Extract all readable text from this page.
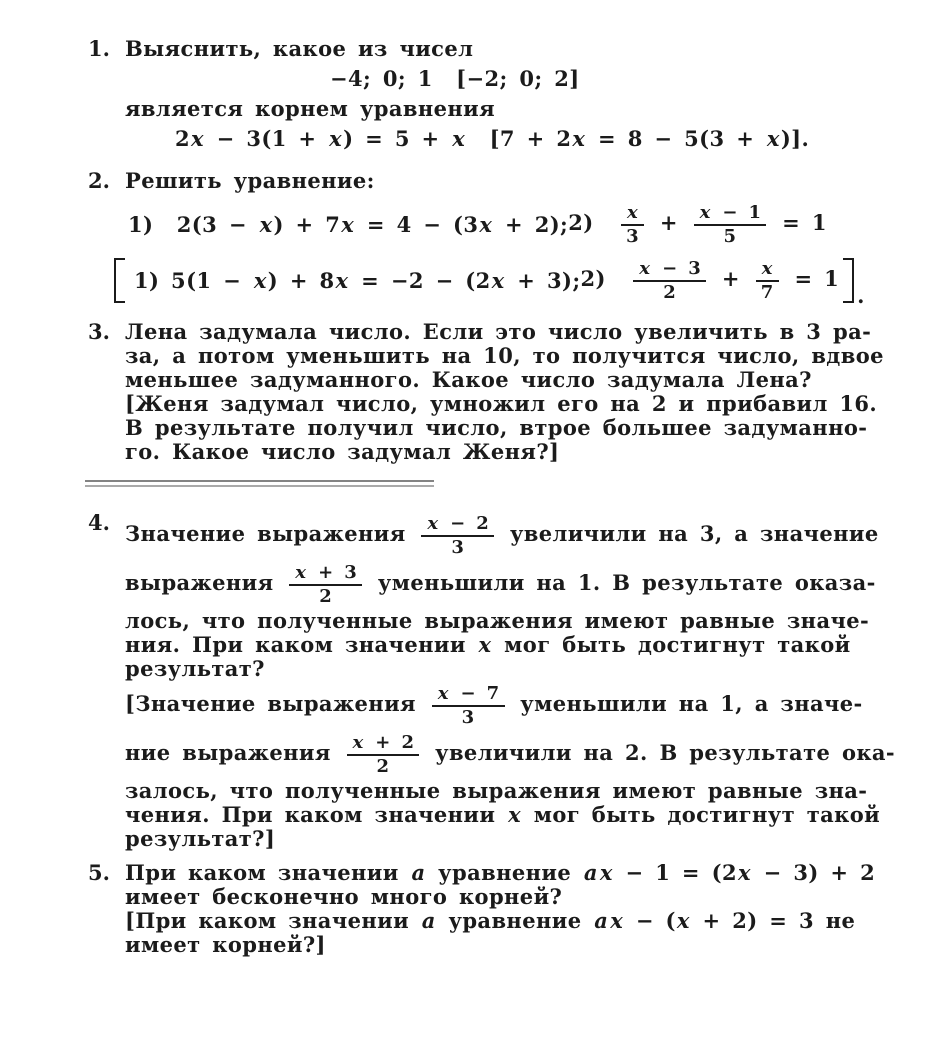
1. Выяснить, какое из чисел
−4; 0; 1  [−2; 0; 2]
является корнем уравнения
2x − 3(1 + x) = 5 + x  [7 + 2x = 8 − 5(3 + x)].
2. Решить уравнение:
1)  2(3 − x) + 7x = 4 − (3x + 2); $2) \frac{x}{3} + \frac{x - 1}{5} = 1$
1) 5(1 − x) + 8x = −2 − (2x + 3); $2) \frac{x - 3}{2} + \frac{x}{7} = 1$
.
3. Лена задумала число. Если это число увеличить в 3 ра-
за, а потом уменьшить на 10, то получится число, вдвое
меньшее задуманного. Какое число задумала Лена?
[Женя задумал число, умножил его на 2 и прибавил 16.
В результате получил число, втрое большее задуманно-
го. Какое число задумал Женя?]
4. Значение выражения $\frac{x - 2}{3}$ увеличили на 3, а значение
выражения $\frac{x + 3}{2}$ уменьшили на 1. В результате оказа-
лось, что полученные выражения имеют равные значе-
ния. При каком значении x мог быть достигнут такой
результат?
[Значение выражения $\frac{x - 7}{3}$ уменьшили на 1, а значе-
ние выражения $\frac{x + 2}{2}$ увеличили на 2. В результате ока-
залось, что полученные выражения имеют равные зна-
чения. При каком значении x мог быть достигнут такой
результат?]
5. При каком значении a уравнение ax − 1 = (2x − 3) + 2
имеет бесконечно много корней?
[При каком значении a уравнение ax − (x + 2) = 3 не
имеет корней?]
